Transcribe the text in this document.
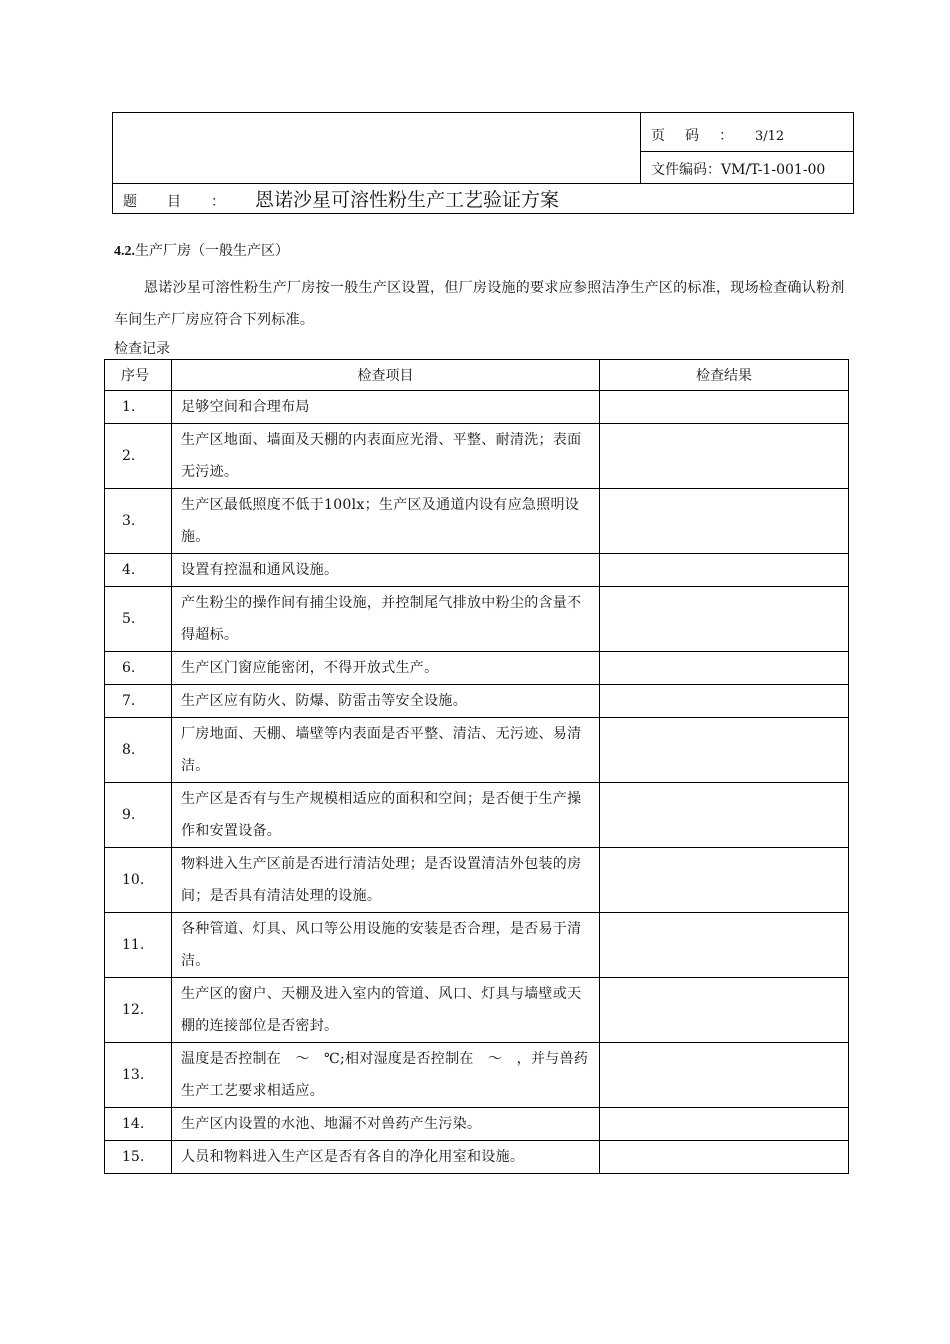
页码： 3/12
文件编码：VM/T-1-001-00
题目：恩诺沙星可溶性粉生产工艺验证方案
4.2.生产厂房（一般生产区）
恩诺沙星可溶性粉生产厂房按一般生产区设置，但厂房设施的要求应参照洁净生产区的标准，现场检查确认粉剂车间生产厂房应符合下列标准。
检查记录
序号	检查项目	检查结果
1.	足够空间和合理布局	
2.	生产区地面、墙面及天棚的内表面应光滑、平整、耐清洗；表面无污迹。	
3.	生产区最低照度不低于100lx；生产区及通道内设有应急照明设施。	
4.	设置有控温和通风设施。	
5.	产生粉尘的操作间有捕尘设施，并控制尾气排放中粉尘的含量不得超标。	
6.	生产区门窗应能密闭，不得开放式生产。	
7.	生产区应有防火、防爆、防雷击等安全设施。	
8.	厂房地面、天棚、墙壁等内表面是否平整、清洁、无污迹、易清洁。	
9.	生产区是否有与生产规模相适应的面积和空间；是否便于生产操作和安置设备。	
10.	物料进入生产区前是否进行清洁处理；是否设置清洁外包装的房间；是否具有清洁处理的设施。	
11.	各种管道、灯具、风口等公用设施的安装是否合理，是否易于清洁。	
12.	生产区的窗户、天棚及进入室内的管道、风口、灯具与墙壁或天棚的连接部位是否密封。	
13.	温度是否控制在　～　℃;相对湿度是否控制在　～　，并与兽药生产工艺要求相适应。	
14.	生产区内设置的水池、地漏不对兽药产生污染。	
15.	人员和物料进入生产区是否有各自的净化用室和设施。	
